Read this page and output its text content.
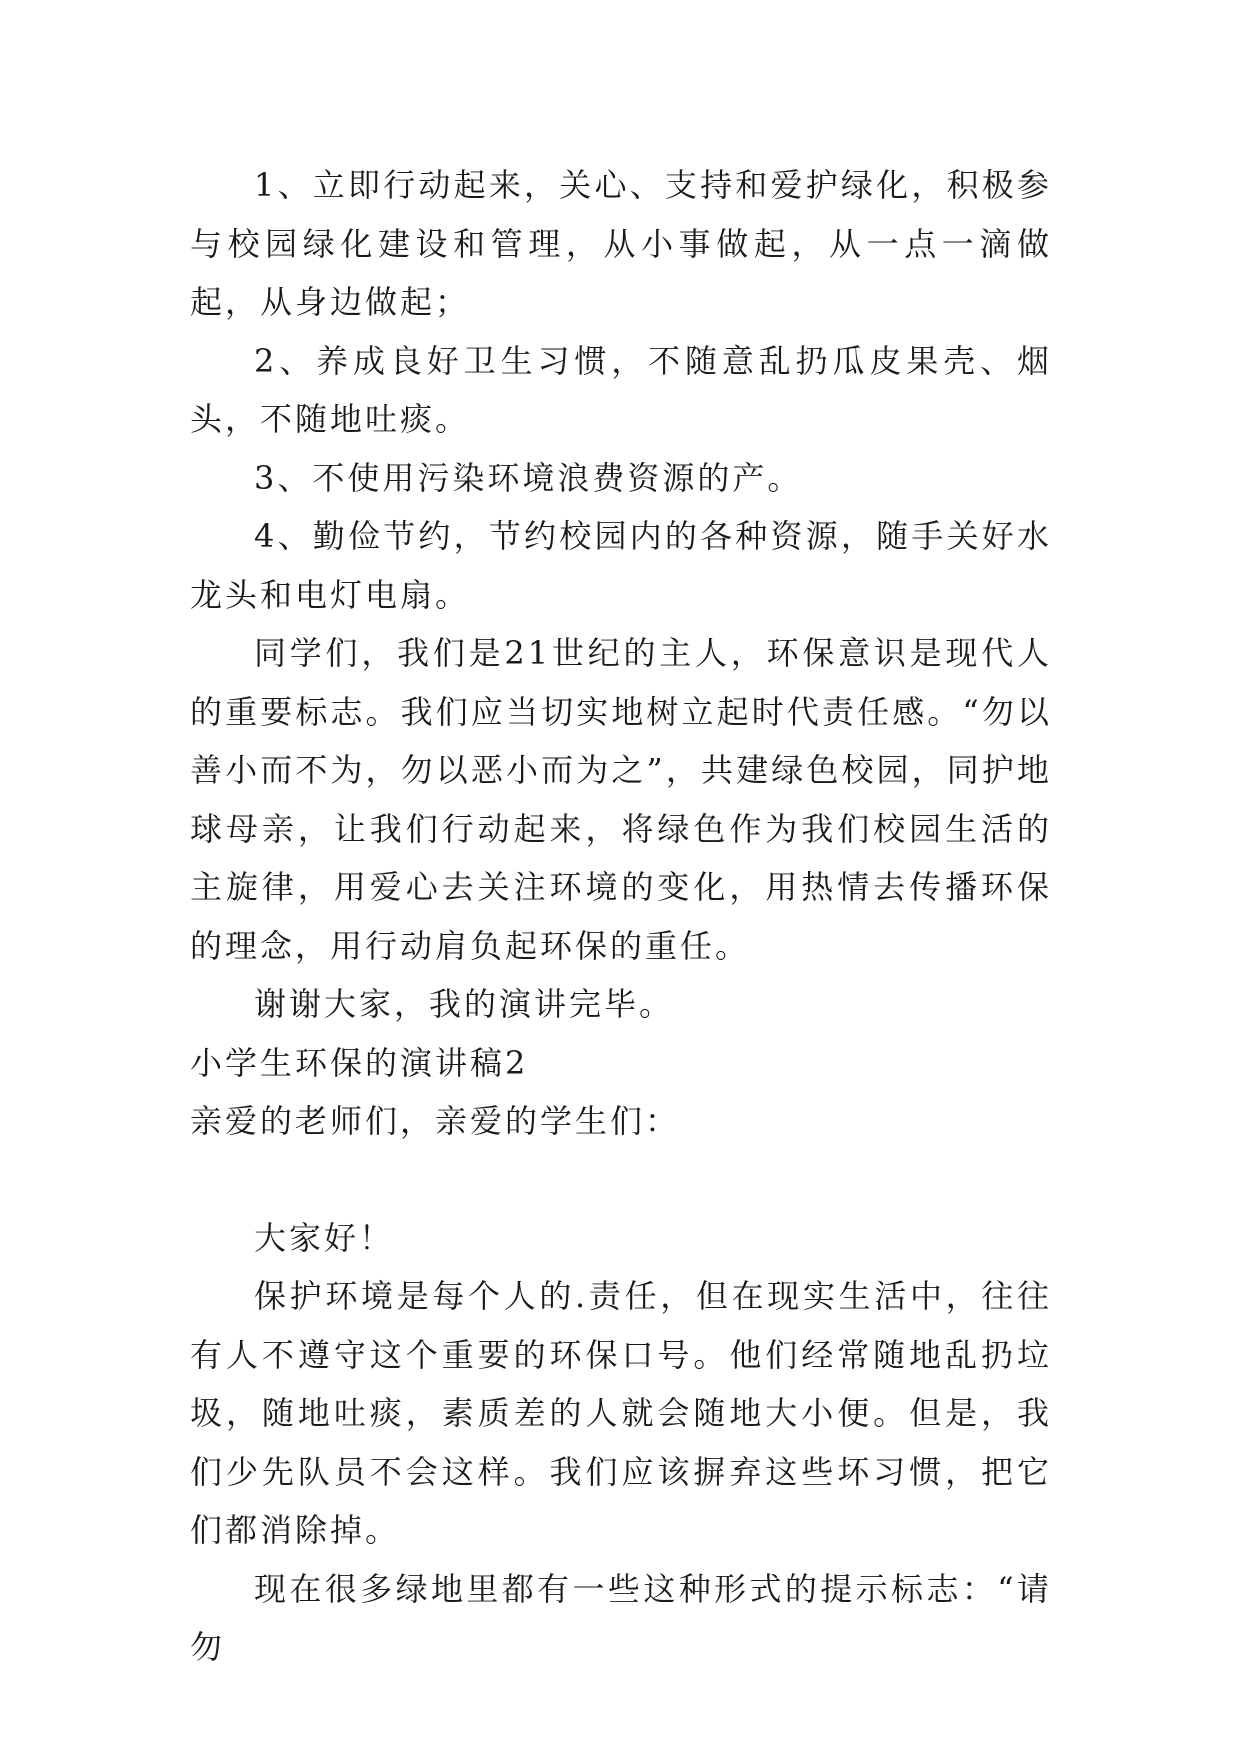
1、立即行动起来，关心、支持和爱护绿化，积极参与校园绿化建设和管理，从小事做起，从一点一滴做起，从身边做起；

2、养成良好卫生习惯，不随意乱扔瓜皮果壳、烟头，不随地吐痰。

3、不使用污染环境浪费资源的产。

4、勤俭节约，节约校园内的各种资源，随手关好水龙头和电灯电扇。

同学们，我们是21世纪的主人，环保意识是现代人的重要标志。我们应当切实地树立起时代责任感。“勿以善小而不为，勿以恶小而为之”，共建绿色校园，同护地球母亲，让我们行动起来，将绿色作为我们校园生活的主旋律，用爱心去关注环境的变化，用热情去传播环保的理念，用行动肩负起环保的重任。

谢谢大家，我的演讲完毕。

小学生环保的演讲稿2

亲爱的老师们，亲爱的学生们：

大家好！

保护环境是每个人的.责任，但在现实生活中，往往有人不遵守这个重要的环保口号。他们经常随地乱扔垃圾，随地吐痰，素质差的人就会随地大小便。但是，我们少先队员不会这样。我们应该摒弃这些坏习惯，把它们都消除掉。

现在很多绿地里都有一些这种形式的提示标志：“请勿
